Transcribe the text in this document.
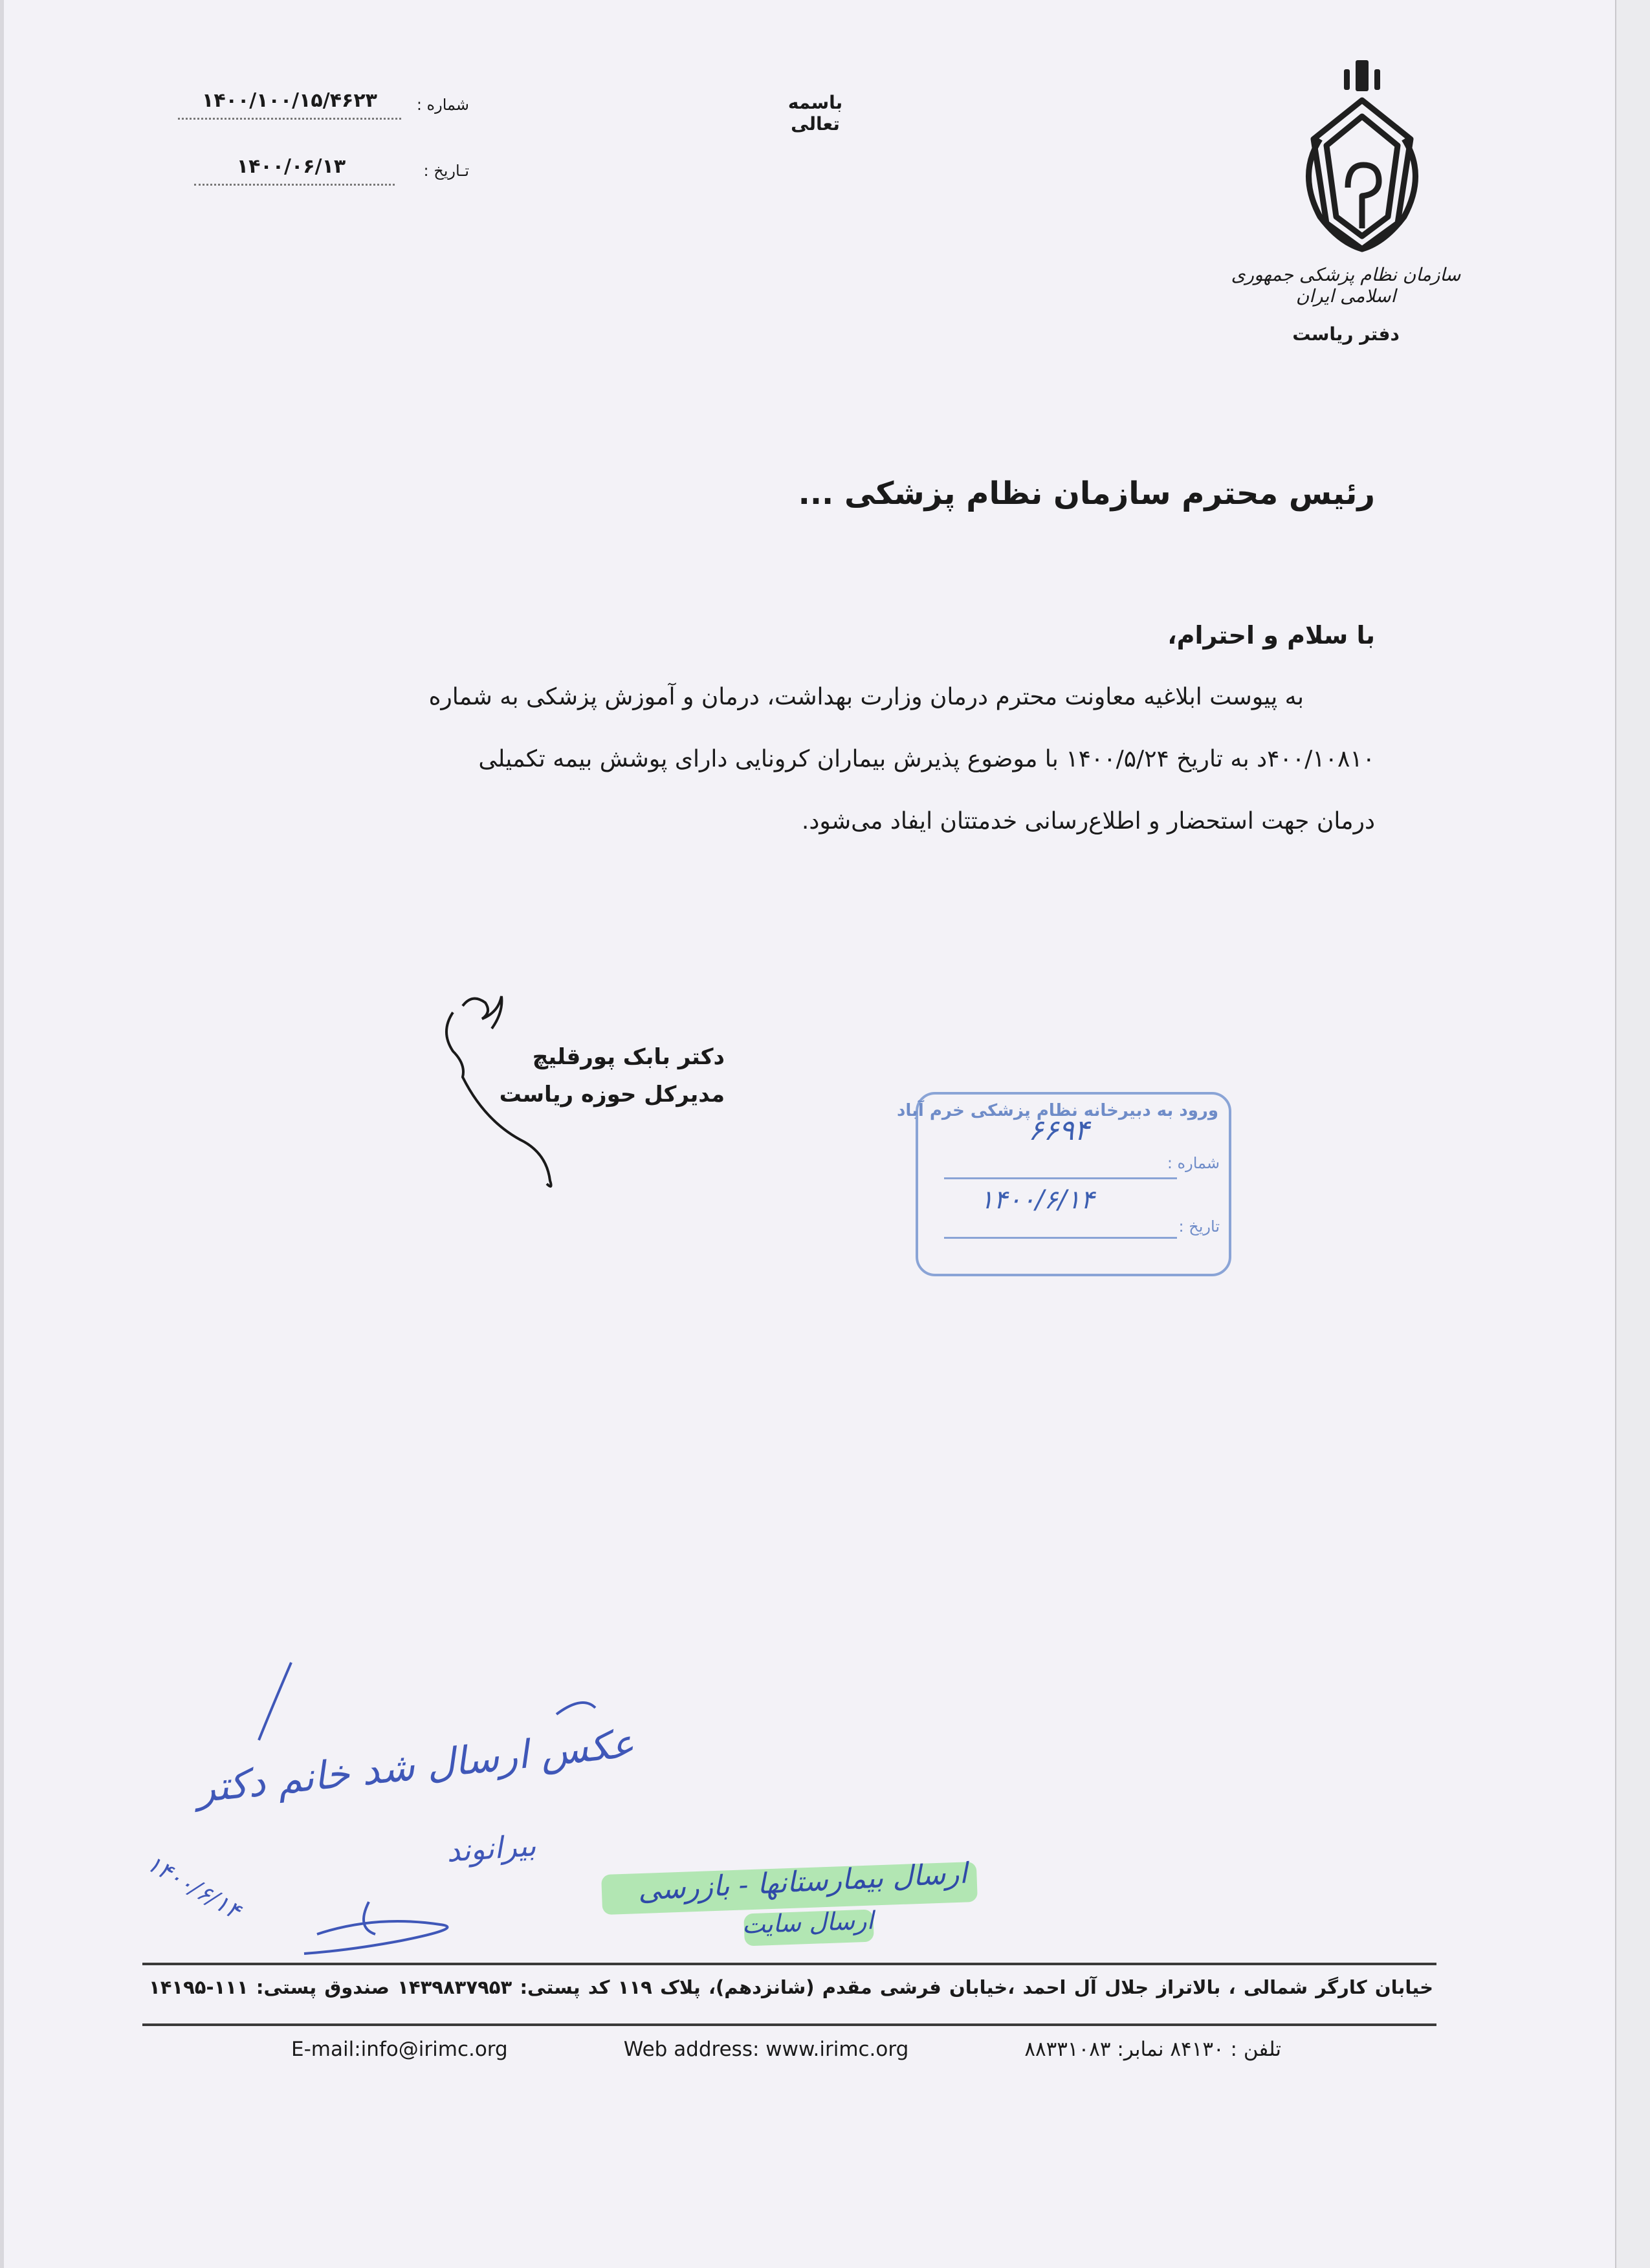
باسمه تعالی
شماره :
۱۴۰۰/۱۰۰/۱۵/۴۶۲۳
تـاریخ :
۱۴۰۰/۰۶/۱۳
سازمان نظام پزشکی جمهوری اسلامی ایران
دفتر ریاست
رئیس محترم سازمان نظام پزشکی ...
با سلام و احترام،
به پیوست ابلاغیه معاونت محترم درمان وزارت بهداشت، درمان و آموزش پزشکی به شماره
۴۰۰/۱۰۸۱۰د به تاریخ ۱۴۰۰/۵/۲۴ با موضوع پذیرش بیماران کرونایی دارای پوشش بیمه تکمیلی
درمان جهت استحضار و اطلاع‌رسانی خدمتتان ایفاد می‌شود.
دکتر بابک پورقلیچ
مدیرکل حوزه ریاست
ورود به دبیرخانه نظام پزشکی خرم آباد
۶۶۹۴
شماره :
۱۴۰۰/۶/۱۴
تاریخ :
عکس ارسال شد خانم دکتر
بیرانوند
۱۴۰۰/۶/۱۴	ارسال بیمارستانها - بازرسی
ارسال سایت
خیابان کارگر شمالی ، بالاتراز جلال آل احمد ،خیابان فرشی مقدم (شانزدهم)، پلاک ۱۱۹ کد پستی: ۱۴۳۹۸۳۷۹۵۳ صندوق پستی: ۱۱۱-۱۴۱۹۵
تلفن : ۸۴۱۳۰ نمابر: ۸۸۳۳۱۰۸۳
Web address: www.irimc.org
E-mail:info@irimc.org
